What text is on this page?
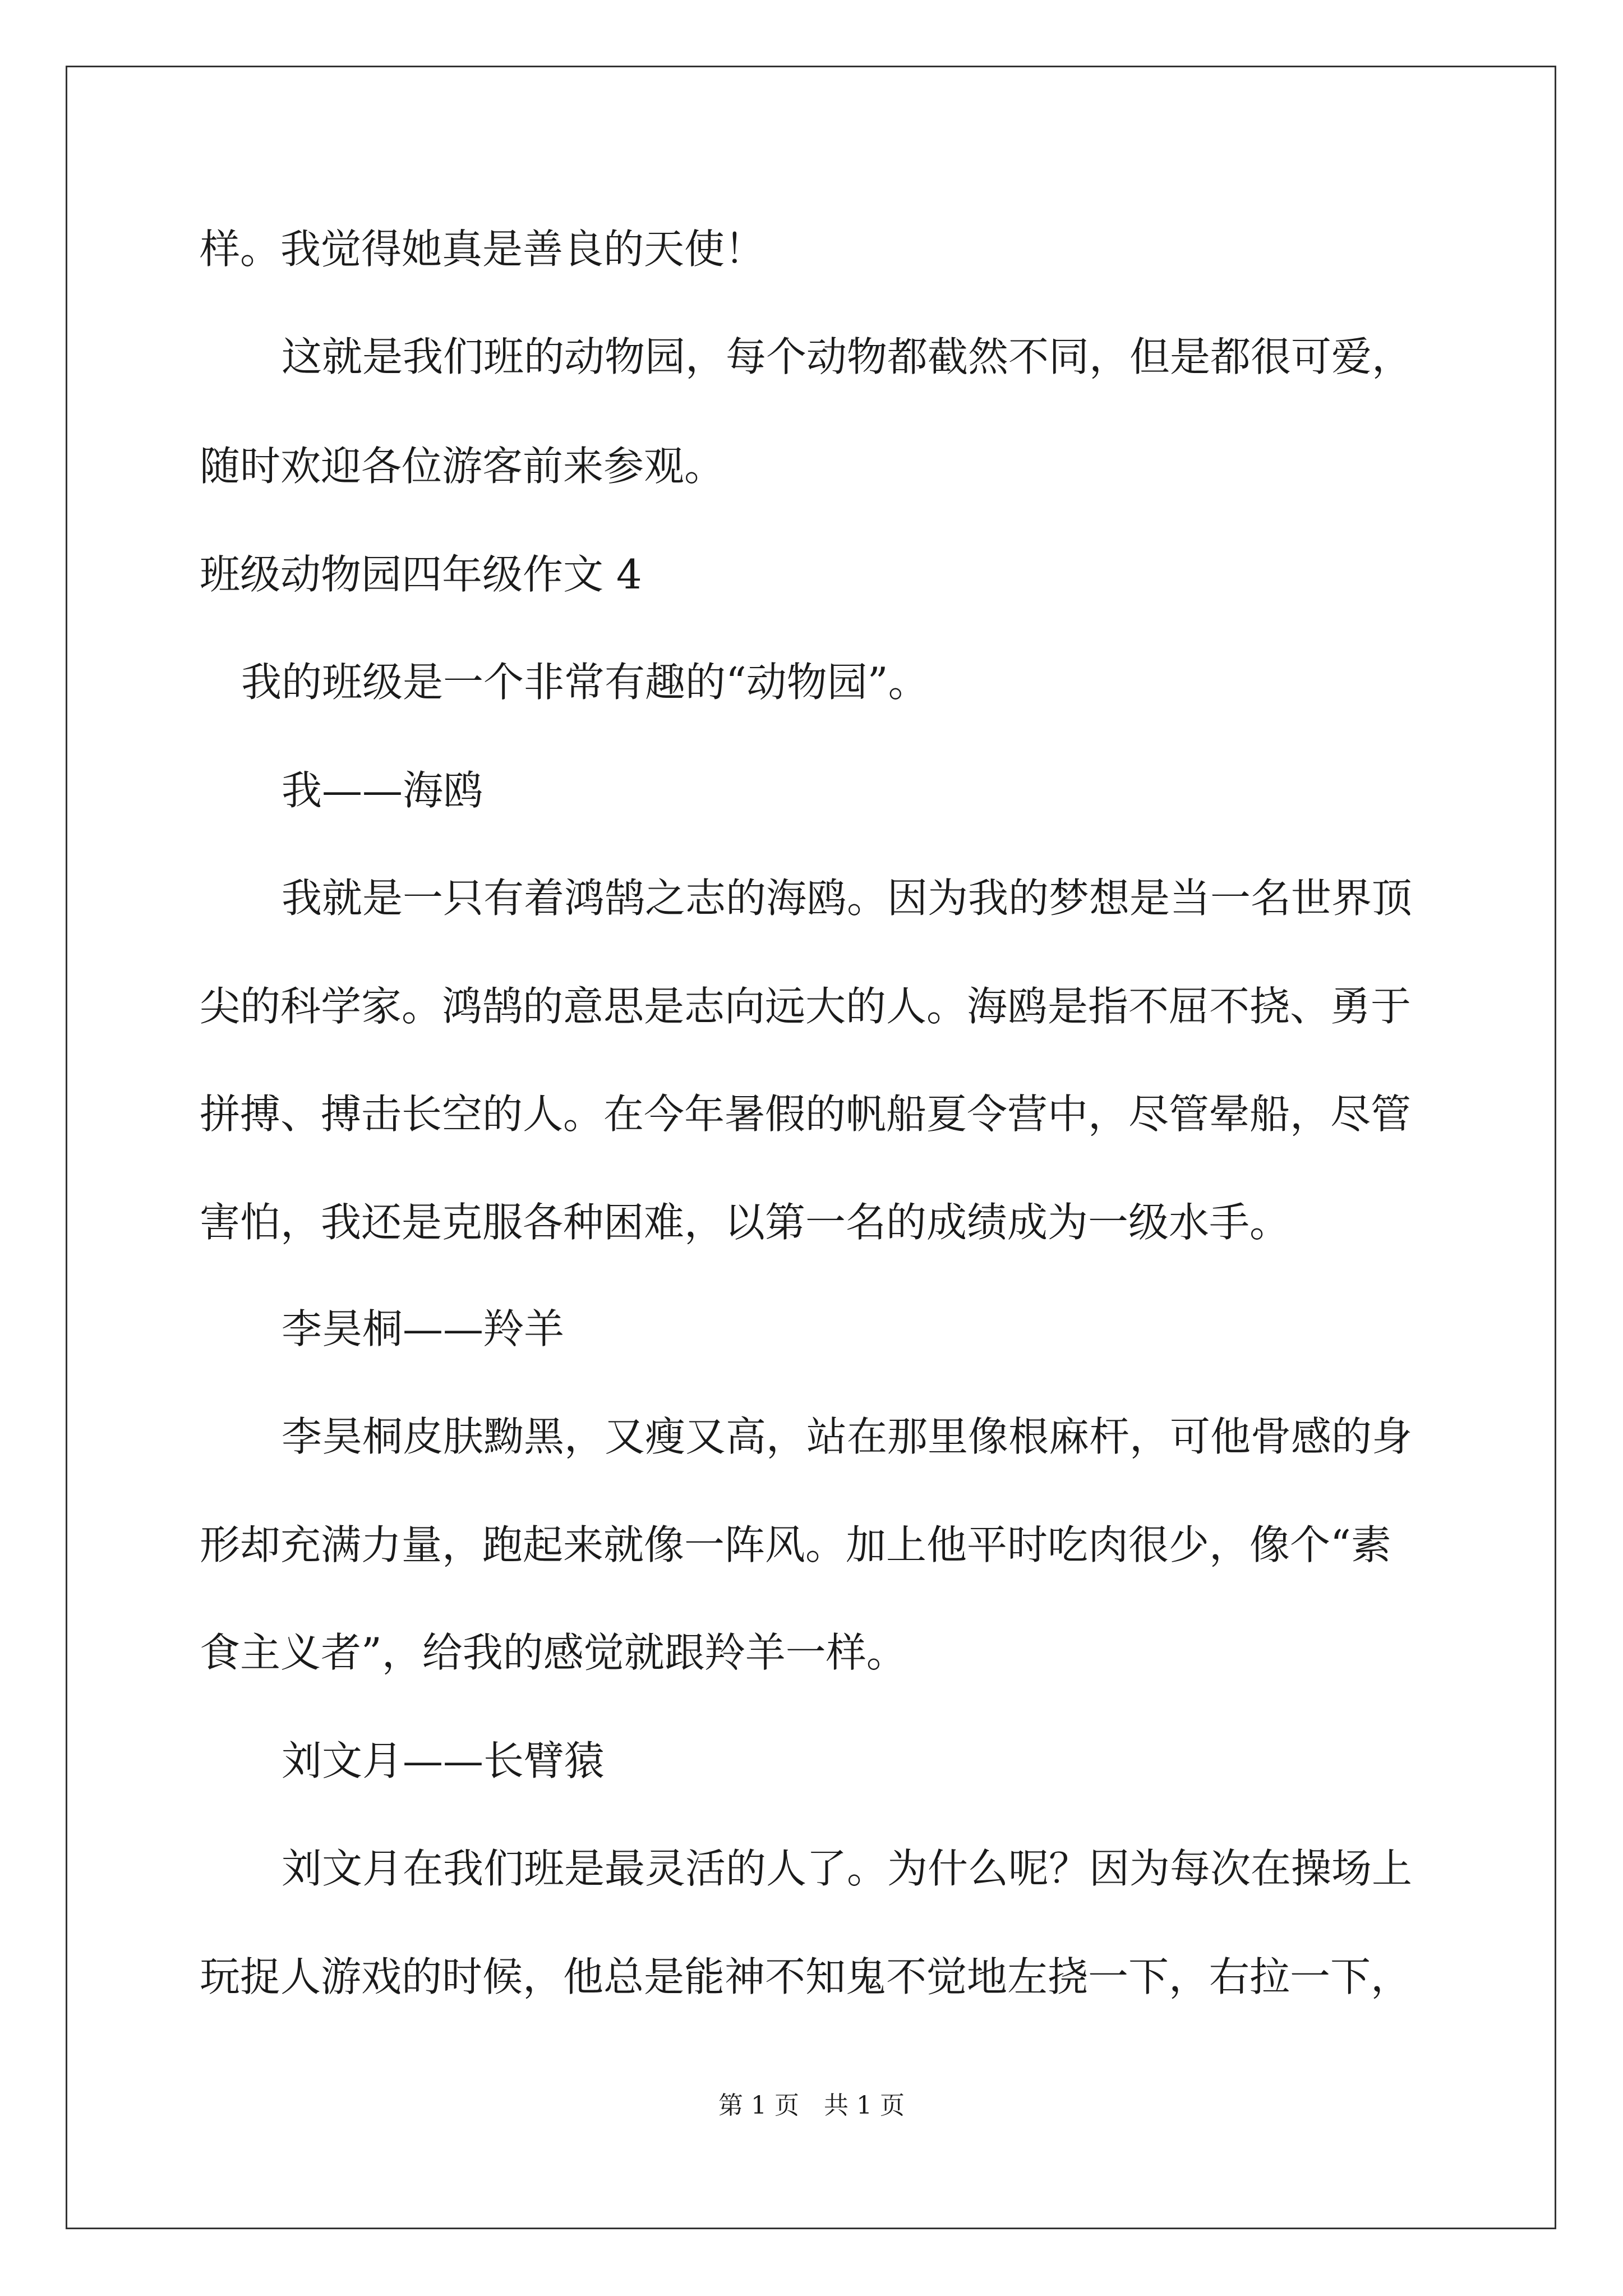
样。我觉得她真是善良的天使！
这就是我们班的动物园，每个动物都截然不同，但是都很可爱，
随时欢迎各位游客前来参观。
班级动物园四年级作文 4
我的班级是一个非常有趣的“动物园”。
我——海鸥
我就是一只有着鸿鹄之志的海鸥。因为我的梦想是当一名世界顶
尖的科学家。鸿鹄的意思是志向远大的人。海鸥是指不屈不挠、勇于
拼搏、搏击长空的人。在今年暑假的帆船夏令营中，尽管晕船，尽管
害怕，我还是克服各种困难，以第一名的成绩成为一级水手。
李昊桐——羚羊
李昊桐皮肤黝黑，又瘦又高，站在那里像根麻杆，可他骨感的身
形却充满力量，跑起来就像一阵风。加上他平时吃肉很少，像个“素
食主义者”，给我的感觉就跟羚羊一样。
刘文月——长臂猿
刘文月在我们班是最灵活的人了。为什么呢？因为每次在操场上
玩捉人游戏的时候，他总是能神不知鬼不觉地左挠一下，右拉一下，
第 1 页　共 1 页
